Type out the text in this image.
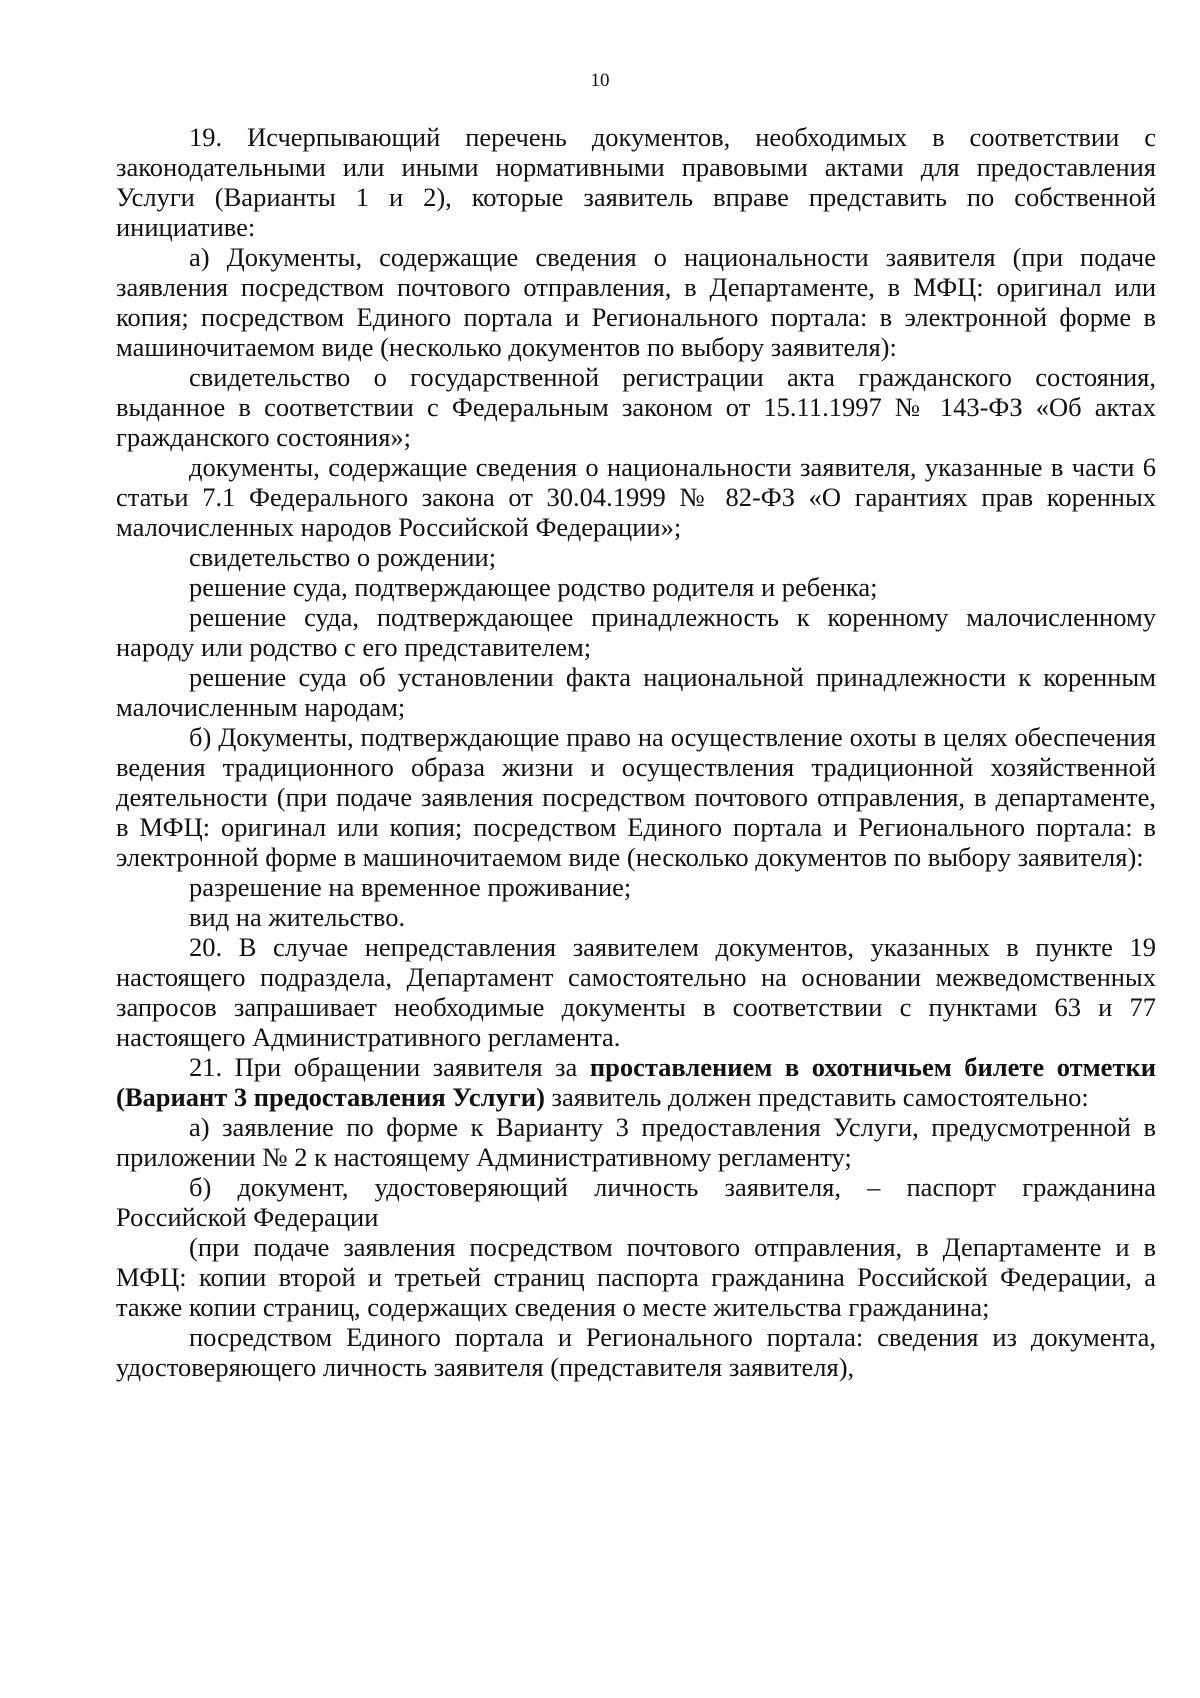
10

19. Исчерпывающий перечень документов, необходимых в соответствии с законодательными или иными нормативными правовыми актами для предоставления Услуги (Варианты 1 и 2), которые заявитель вправе представить по собственной инициативе:

а) Документы, содержащие сведения о национальности заявителя (при подаче заявления посредством почтового отправления, в Департаменте, в МФЦ: оригинал или копия; посредством Единого портала и Регионального портала: в электронной форме в машиночитаемом виде (несколько документов по выбору заявителя):

свидетельство о государственной регистрации акта гражданского состояния, выданное в соответствии с Федеральным законом от 15.11.1997 № 143-ФЗ «Об актах гражданского состояния»;

документы, содержащие сведения о национальности заявителя, указанные в части 6 статьи 7.1 Федерального закона от 30.04.1999 № 82-ФЗ «О гарантиях прав коренных малочисленных народов Российской Федерации»;

свидетельство о рождении;

решение суда, подтверждающее родство родителя и ребенка;

решение суда, подтверждающее принадлежность к коренному малочисленному народу или родство с его представителем;

решение суда об установлении факта национальной принадлежности к коренным малочисленным народам;

б) Документы, подтверждающие право на осуществление охоты в целях обеспечения ведения традиционного образа жизни и осуществления традиционной хозяйственной деятельности (при подаче заявления посредством почтового отправления, в департаменте, в МФЦ: оригинал или копия; посредством Единого портала и Регионального портала: в электронной форме в машиночитаемом виде (несколько документов по выбору заявителя):

разрешение на временное проживание;

вид на жительство.

20. В случае непредставления заявителем документов, указанных в пункте 19 настоящего подраздела, Департамент самостоятельно на основании межведомственных запросов запрашивает необходимые документы в соответствии с пунктами 63 и 77 настоящего Административного регламента.

21. При обращении заявителя за проставлением в охотничьем билете отметки (Вариант 3 предоставления Услуги) заявитель должен представить самостоятельно:

а) заявление по форме к Варианту 3 предоставления Услуги, предусмотренной в приложении № 2 к настоящему Административному регламенту;

б) документ, удостоверяющий личность заявителя, – паспорт гражданина Российской Федерации

(при подаче заявления посредством почтового отправления, в Департаменте и в МФЦ: копии второй и третьей страниц паспорта гражданина Российской Федерации, а также копии страниц, содержащих сведения о месте жительства гражданина;

посредством Единого портала и Регионального портала: сведения из документа, удостоверяющего личность заявителя (представителя заявителя),
